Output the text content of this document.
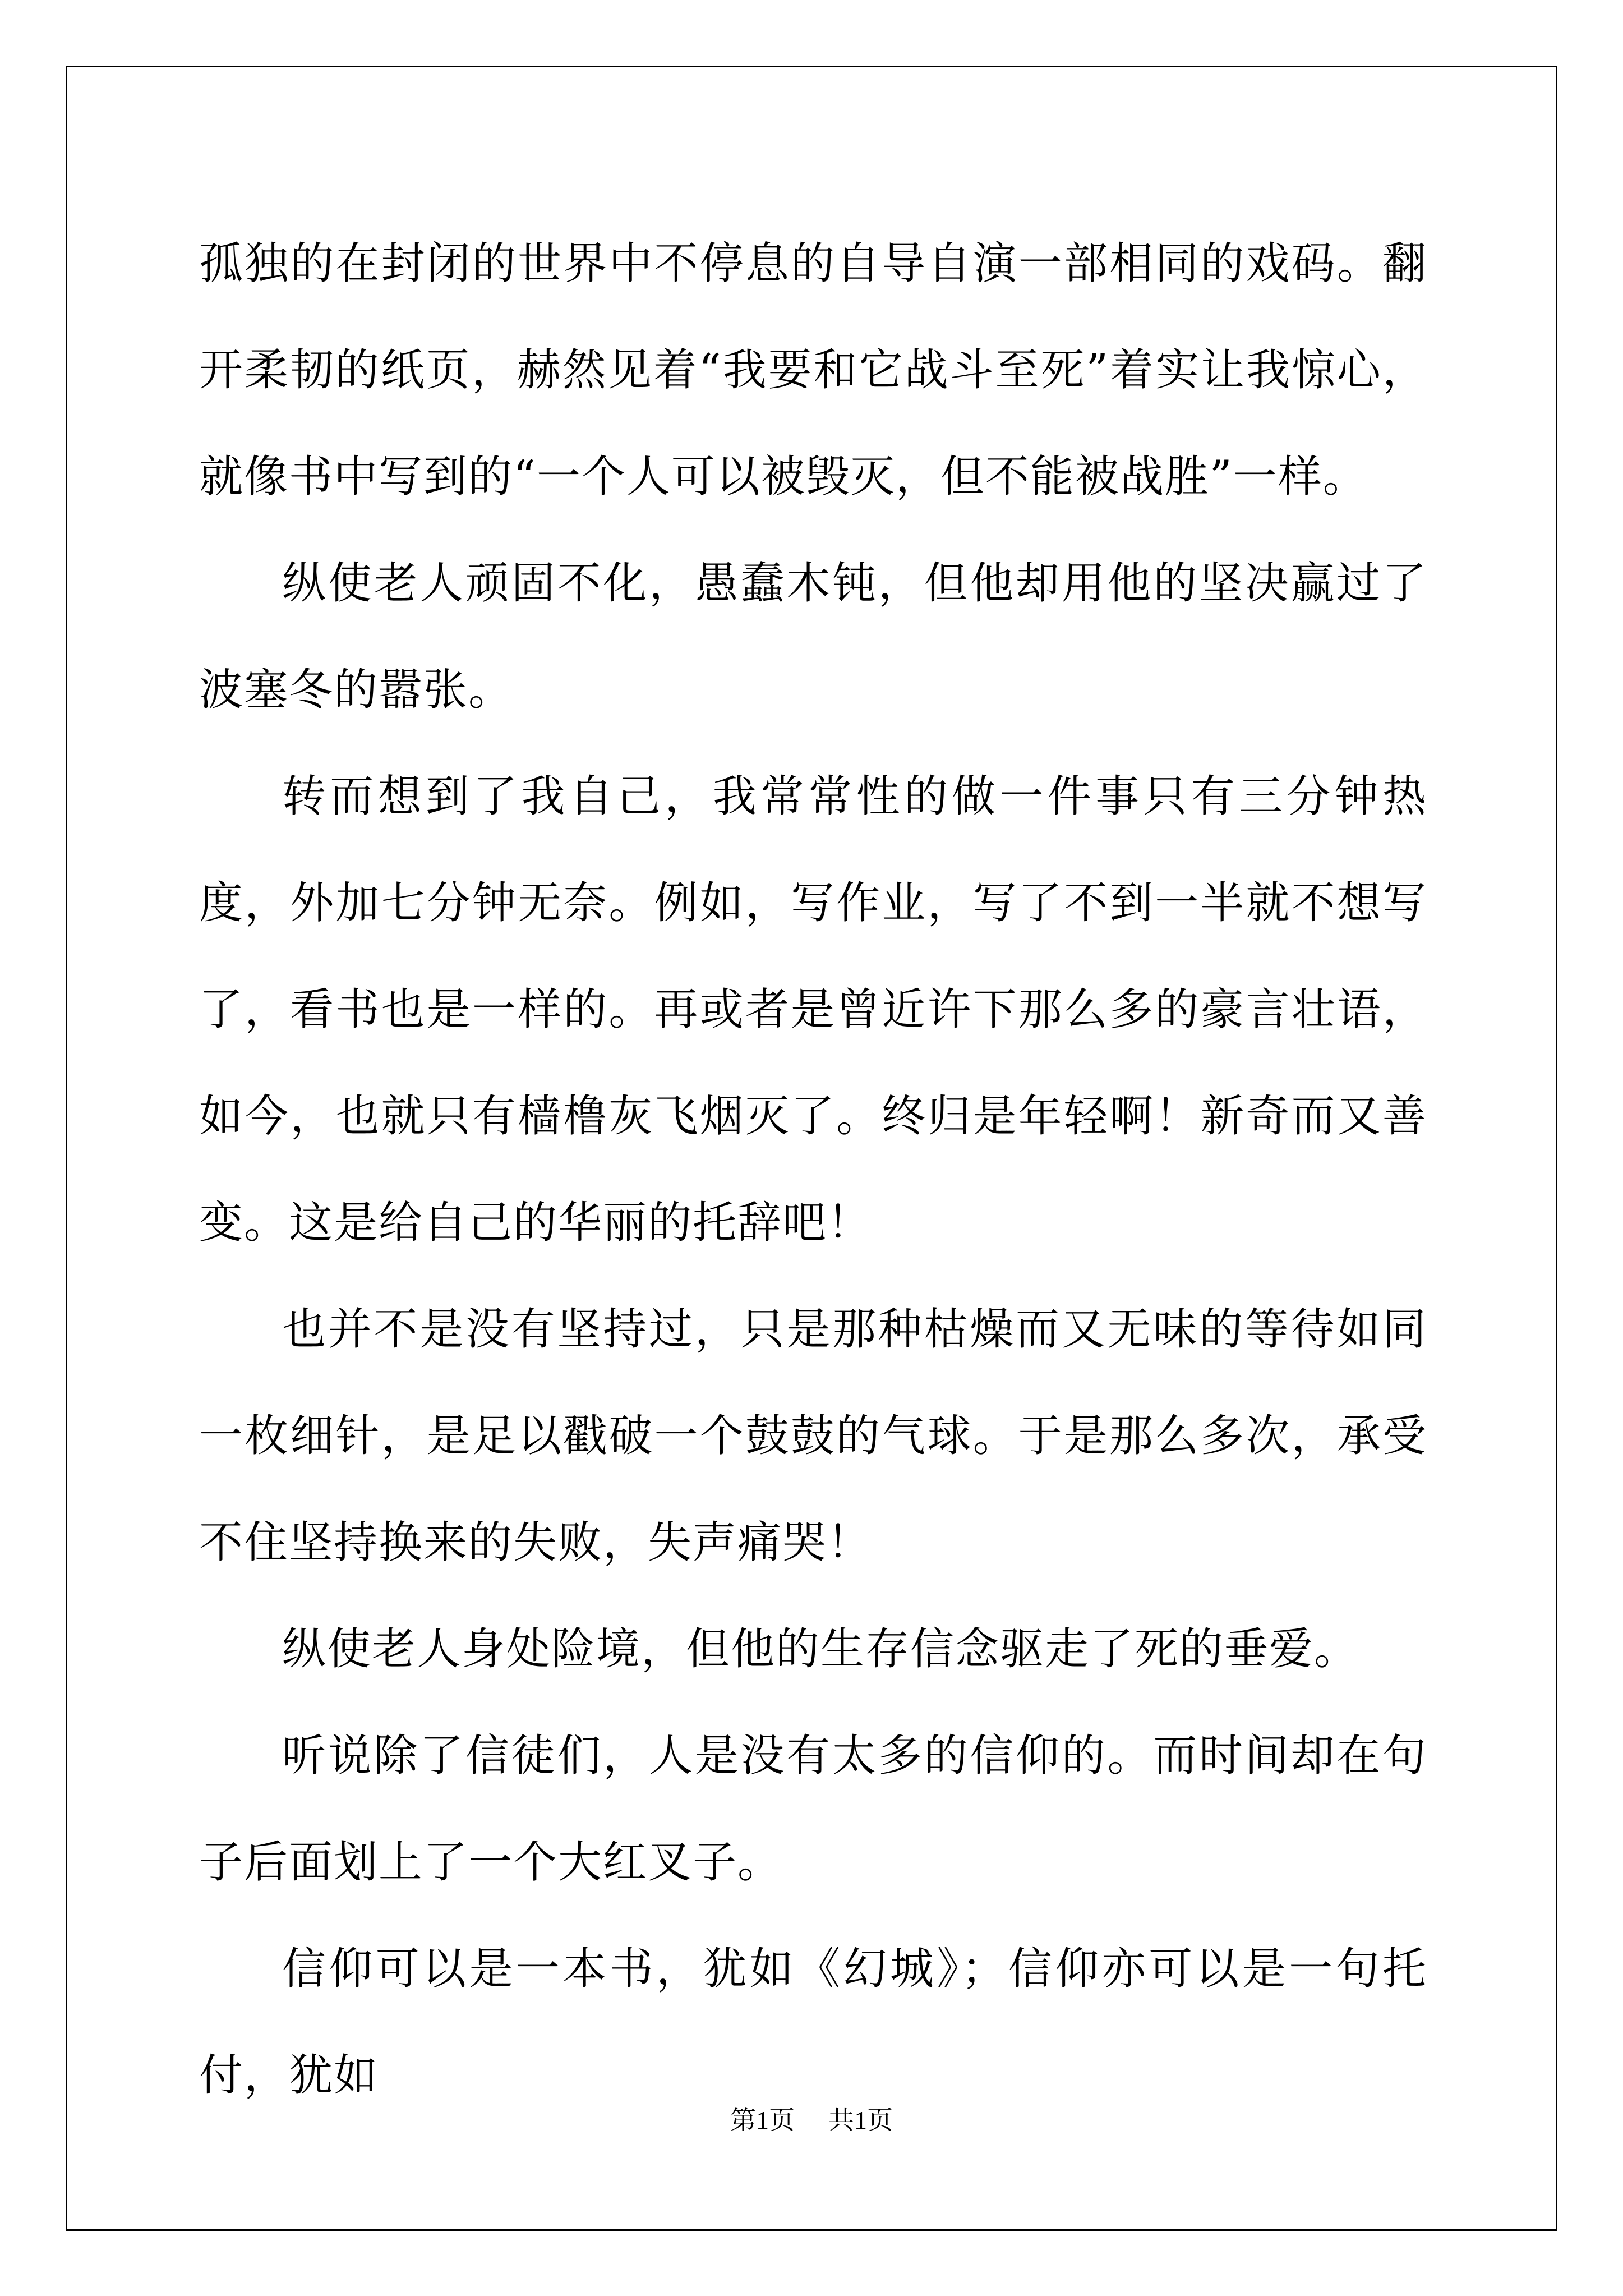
孤独的在封闭的世界中不停息的自导自演一部相同的戏码。翻开柔韧的纸页，赫然见着“我要和它战斗至死”着实让我惊心，就像书中写到的“一个人可以被毁灭，但不能被战胜”一样。

纵使老人顽固不化，愚蠢木钝，但他却用他的坚决赢过了波塞冬的嚣张。

转而想到了我自己，我常常性的做一件事只有三分钟热度，外加七分钟无奈。例如，写作业，写了不到一半就不想写了，看书也是一样的。再或者是曾近许下那么多的豪言壮语，如今，也就只有樯橹灰飞烟灭了。终归是年轻啊！新奇而又善变。这是给自己的华丽的托辞吧！

也并不是没有坚持过，只是那种枯燥而又无味的等待如同一枚细针，是足以戳破一个鼓鼓的气球。于是那么多次，承受不住坚持换来的失败，失声痛哭！

纵使老人身处险境，但他的生存信念驱走了死的垂爱。

听说除了信徒们，人是没有太多的信仰的。而时间却在句子后面划上了一个大红叉子。

信仰可以是一本书，犹如《幻城》；信仰亦可以是一句托付，犹如

第1页 共1页
